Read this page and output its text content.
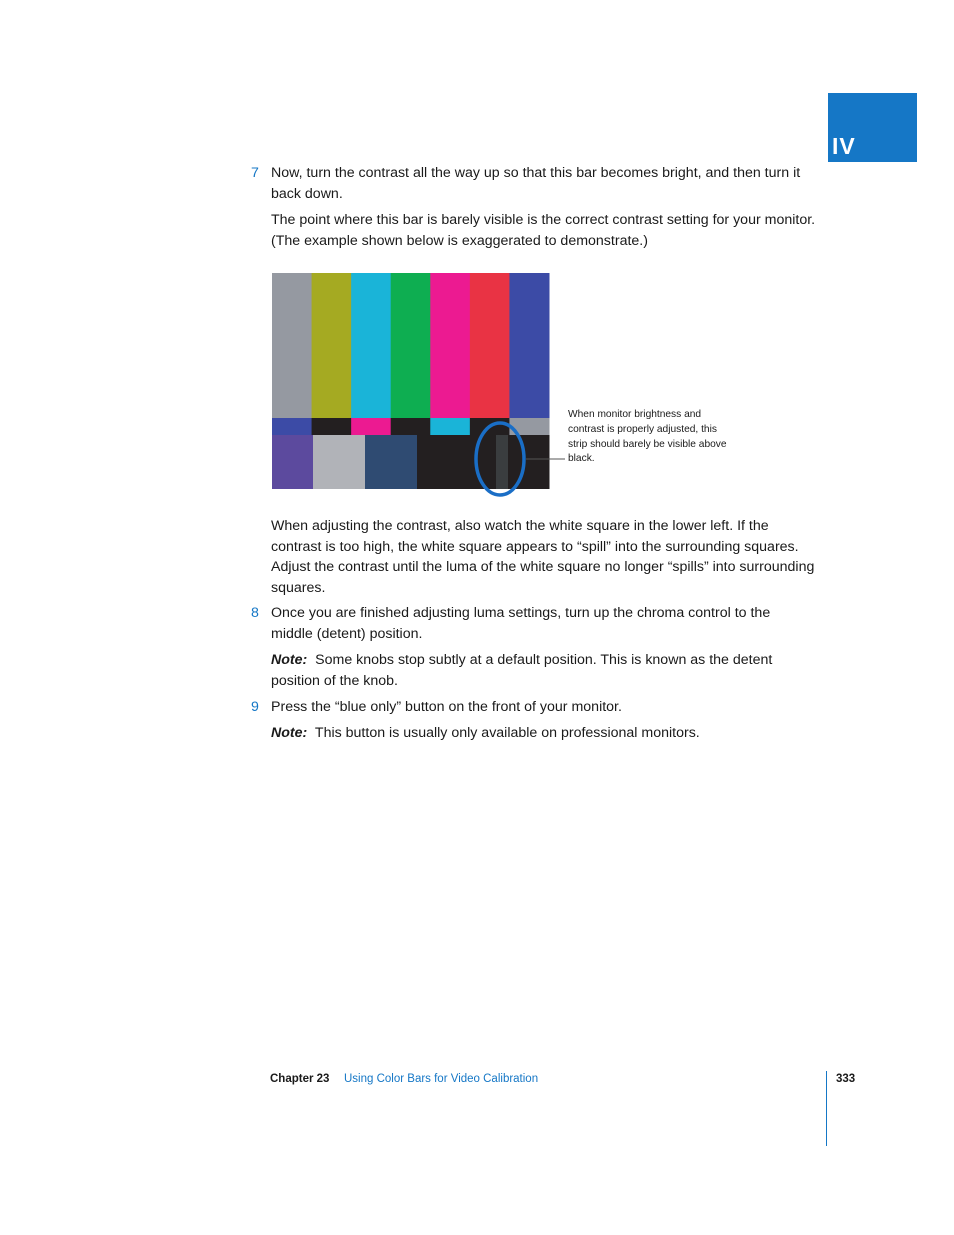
IV
7 Now, turn the contrast all the way up so that this bar becomes bright, and then turn it back down.

The point where this bar is barely visible is the correct contrast setting for your monitor. (The example shown below is exaggerated to demonstrate.)

When monitor brightness and contrast is properly adjusted, this strip should barely be visible above black.

When adjusting the contrast, also watch the white square in the lower left. If the contrast is too high, the white square appears to “spill” into the surrounding squares. Adjust the contrast until the luma of the white square no longer “spills” into surrounding squares.

8 Once you are finished adjusting luma settings, turn up the chroma control to the middle (detent) position.

Note: Some knobs stop subtly at a default position. This is known as the detent position of the knob.

9 Press the “blue only” button on the front of your monitor.

Note: This button is usually only available on professional monitors.

Chapter 23 Using Color Bars for Video Calibration	333
